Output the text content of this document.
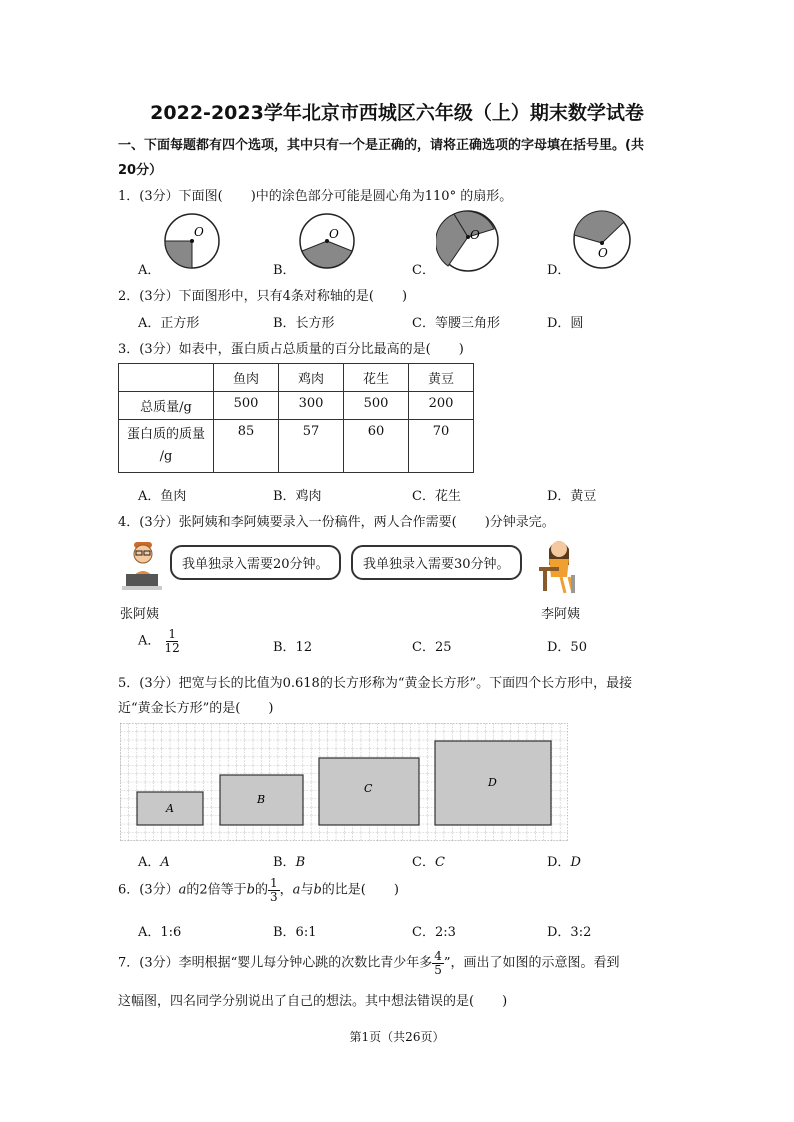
2022-2023学年北京市西城区六年级（上）期末数学试卷
一、下面每题都有四个选项，其中只有一个是正确的，请将正确选项的字母填在括号里。(共
20分）
1．(3分）下面图( )中的涂色部分可能是圆心角为110° 的扇形。
O	O	O
O
A．	B．	C．	D．
2．(3分）下面图形中，只有4条对称轴的是( )
A．正方形	B．长方形	C．等腰三角形	D．圆
3．(3分）如表中，蛋白质占总质量的百分比最高的是( )
	鱼肉	鸡肉	花生	黄豆
总质量/g	500	300	500	200

蛋白质的质量
/g	85	57	60	70
A．鱼肉	B．鸡肉	C．花生	D．黄豆
4．(3分）张阿姨和李阿姨要录入一份稿件，两人合作需要( )分钟录完。
我单独录入需要20分钟。	我单独录入需要30分钟。
张阿姨	李阿姨
A． $\frac{1}{12}$	B．12	C．25	D．50
5．(3分）把宽与长的比值为0.618的长方形称为“黄金长方形”。下面四个长方形中，最接
近“黄金长方形”的是( )
A
B
C	D
A．A	B．B	C．C	D．D
6．(3分）a的2倍等于b的 $\frac{1}{3}$ ，a与b的比是( )
A．1:6	B．6:1	C．2:3	D．3:2
7．(3分）李明根据“婴儿每分钟心跳的次数比青少年多 $\frac{4}{5}$ ”，画出了如图的示意图。看到
这幅图，四名同学分别说出了自己的想法。其中想法错误的是( )
第1页（共26页）
